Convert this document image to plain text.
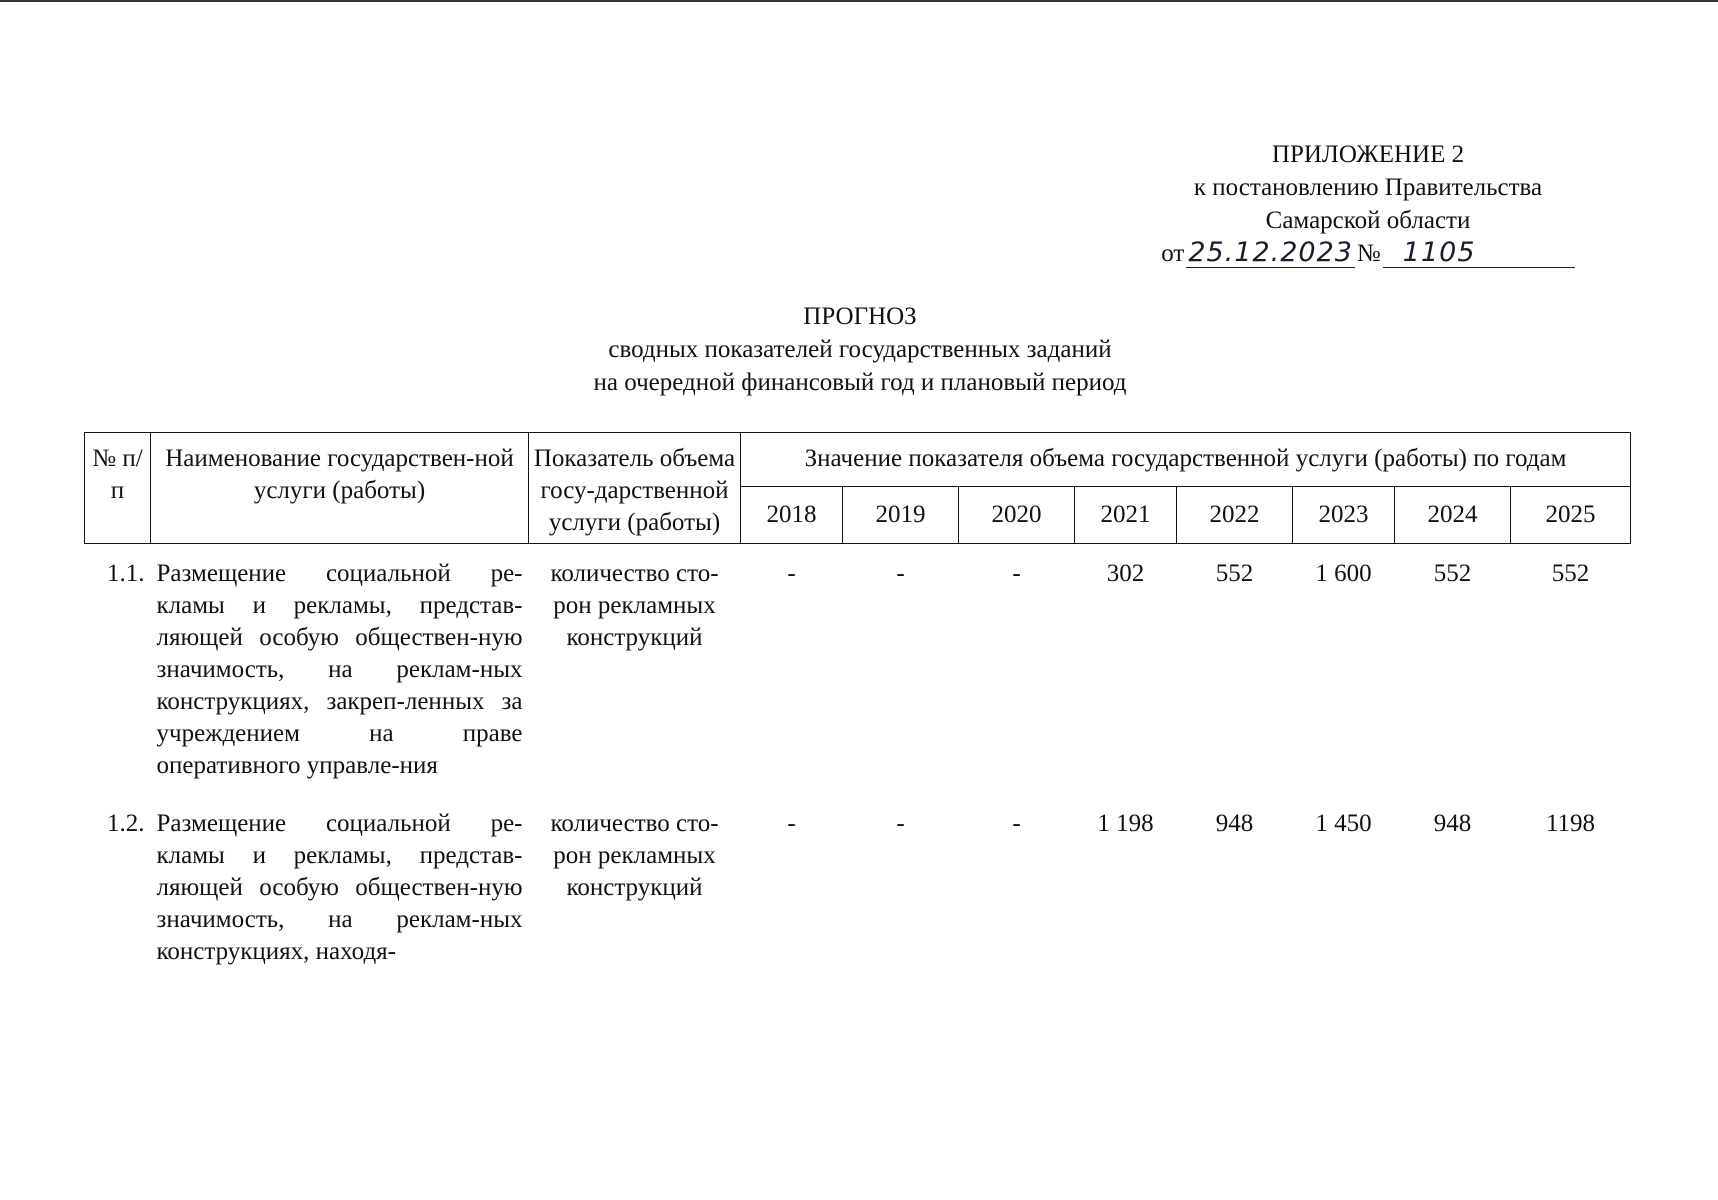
ПРИЛОЖЕНИЕ 2
к постановлению Правительства
Самарской области
от 25.12.2023 № 1105
ПРОГНОЗ
сводных показателей государственных заданий
на очередной финансовый год и плановый период
№ п/п	Наименование государствен-ной услуги (работы)	Показатель объема госу-дарственной услуги (работы)	Значение показателя объема государственной услуги (работы) по годам							
			2018	2019	2020	2021	2022	2023	2024	2025
1.1.	Размещение социальной ре-кламы и рекламы, представ-ляющей особую обществен-ную значимость, на реклам-ных конструкциях, закреп-ленных за учреждением на праве оперативного управле-ния	количество сто-рон рекламных конструкций	-	-	-	302	552	1 600	552	552

1.2.	Размещение социальной ре-кламы и рекламы, представ-ляющей особую обществен-ную значимость, на реклам-ных конструкциях, находя-	количество сто-рон рекламных конструкций	-	-	-	1 198	948	1 450	948	1198
